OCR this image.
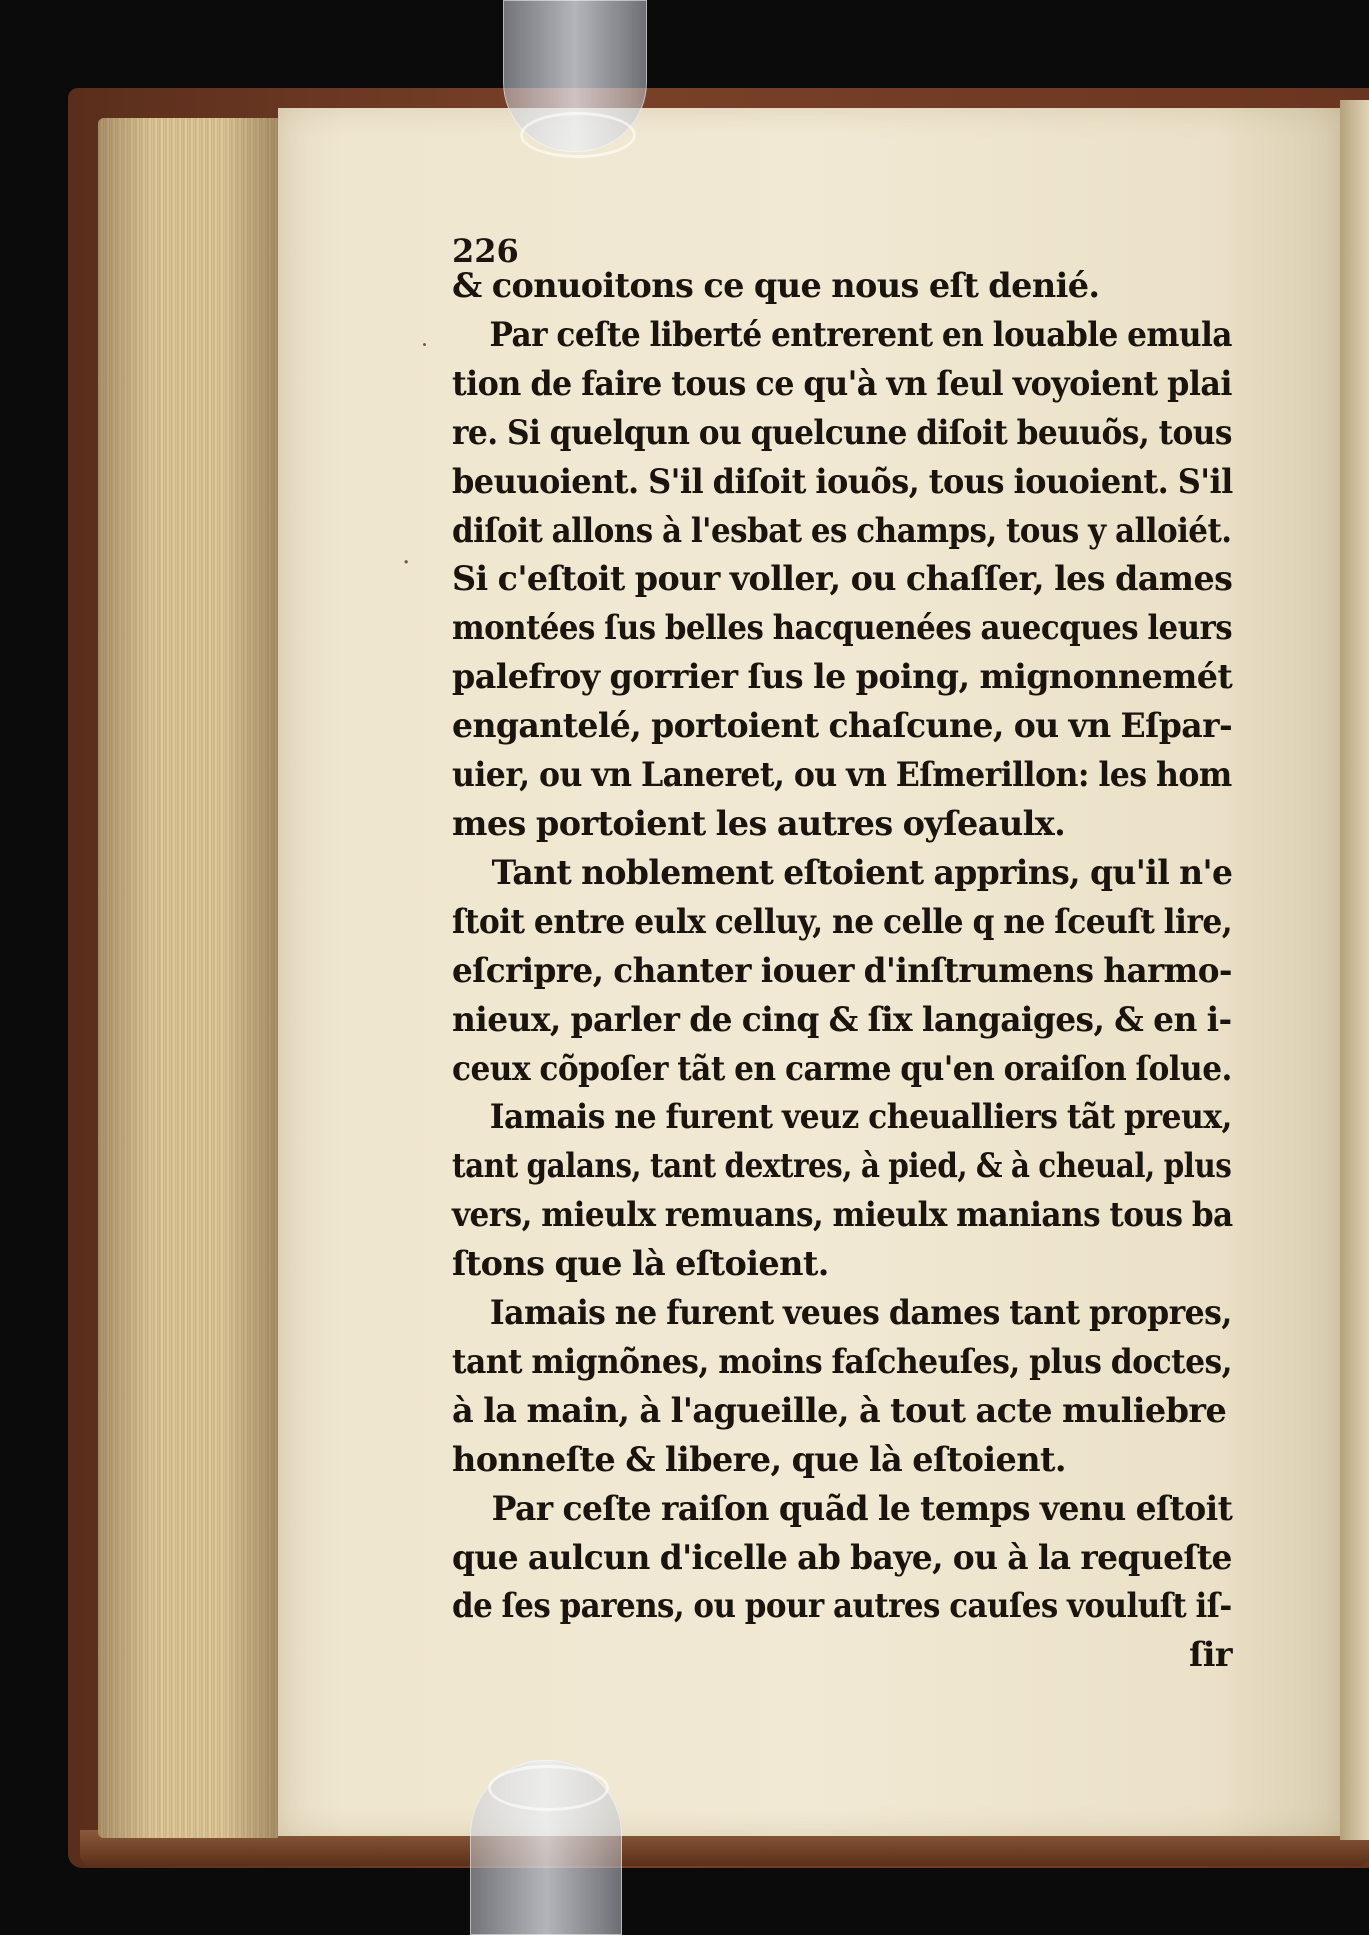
˙
.
226
& conuoitons ce que nous eſt denié.
Par ceſte liberté entrerent en louable emula
tion de faire tous ce qu'à vn ſeul voyoient plai
re. Si quelqun ou quelcune diſoit beuuõs, tous
beuuoient. S'il diſoit iouõs, tous iouoient. S'il
diſoit allons à l'esbat es champs, tous y alloiét.
Si c'eſtoit pour voller, ou chaſſer, les dames
montées ſus belles hacquenées auecques leurs
palefroy gorrier ſus le poing, mignonnemét
engantelé, portoient chaſcune, ou vn Eſpar-
uier, ou vn Laneret, ou vn Eſmerillon: les hom
mes portoient les autres oyſeaulx.
Tant noblement eſtoient apprins, qu'il n'e
ſtoit entre eulx celluy, ne celle q ne ſceuſt lire,
eſcripre, chanter iouer d'inſtrumens harmo-
nieux, parler de cinq & ſix langaiges, & en i-
ceux cõpoſer tãt en carme qu'en oraiſon ſolue.
Iamais ne furent veuz cheualliers tãt preux,
tant galans, tant dextres, à pied, & à cheual, plus
vers, mieulx remuans, mieulx manians tous ba
ſtons que là eſtoient.
Iamais ne furent veues dames tant propres,
tant mignõnes, moins faſcheuſes, plus doctes,
à la main, à l'agueille, à tout acte muliebre
honneſte & libere, que là eſtoient.
Par ceſte raiſon quãd le temps venu eſtoit
que aulcun d'icelle ab baye, ou à la requeſte
de ſes parens, ou pour autres cauſes vouluſt iſ-
ſir
